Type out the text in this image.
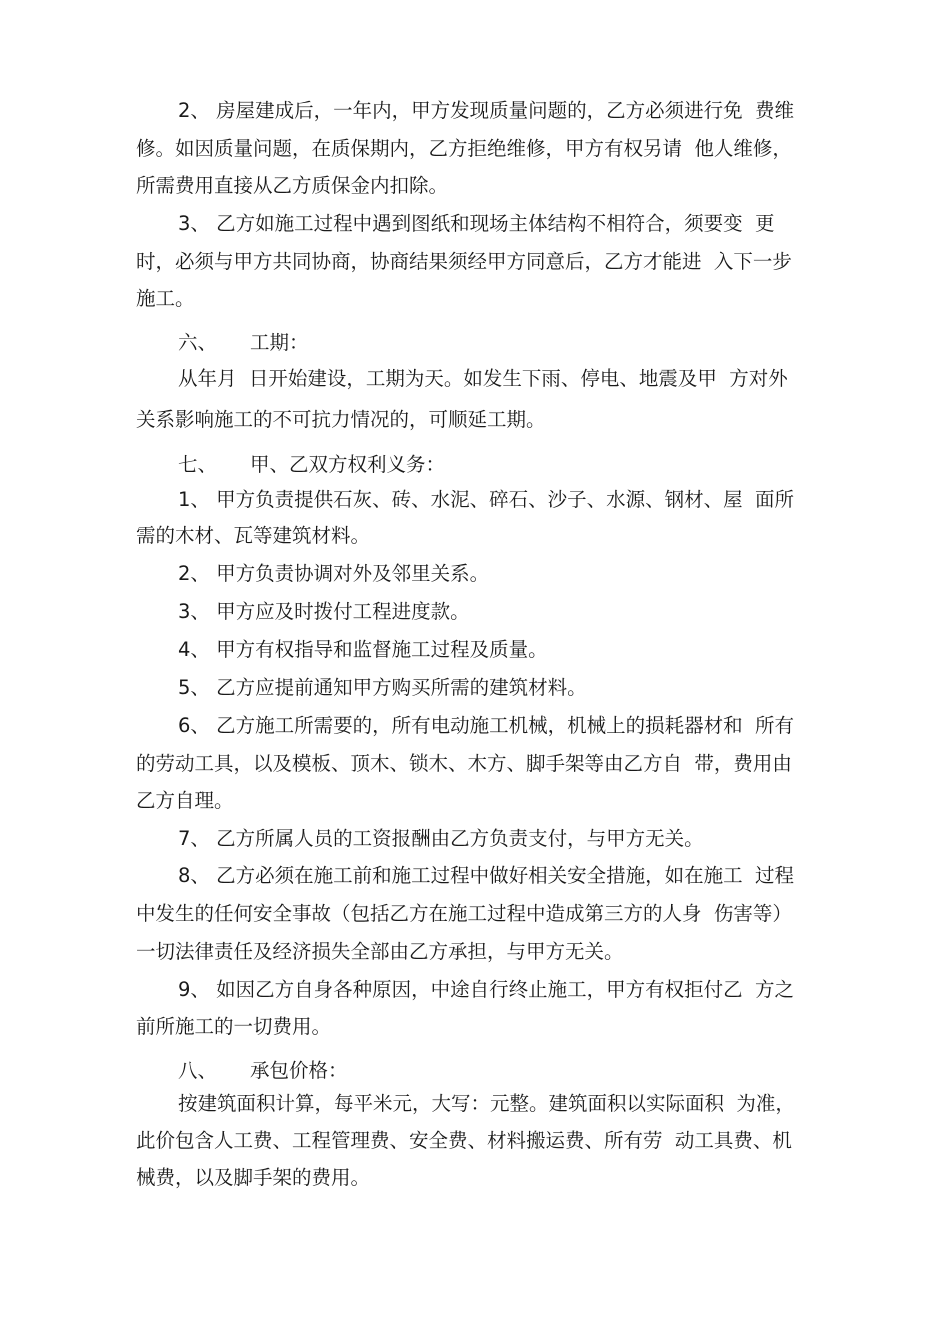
2、 房屋建成后，一年内，甲方发现质量问题的，乙方必须进行免  费维
修。如因质量问题，在质保期内，乙方拒绝维修，甲方有权另请  他人维修，
所需费用直接从乙方质保金内扣除。
3、 乙方如施工过程中遇到图纸和现场主体结构不相符合，须要变  更
时，必须与甲方共同协商，协商结果须经甲方同意后，乙方才能进  入下一步
施工。
六、 工期：
从年月  日开始建设，工期为天。如发生下雨、停电、地震及甲  方对外
关系影响施工的不可抗力情况的，可顺延工期。
七、 甲、乙双方权利义务：
1、 甲方负责提供石灰、砖、水泥、碎石、沙子、水源、钢材、屋  面所
需的木材、瓦等建筑材料。
2、 甲方负责协调对外及邻里关系。
3、 甲方应及时拨付工程进度款。
4、 甲方有权指导和监督施工过程及质量。
5、 乙方应提前通知甲方购买所需的建筑材料。
6、 乙方施工所需要的，所有电动施工机械，机械上的损耗器材和  所有
的劳动工具，以及模板、顶木、锁木、木方、脚手架等由乙方自  带，费用由
乙方自理。
7、 乙方所属人员的工资报酬由乙方负责支付，与甲方无关。
8、 乙方必须在施工前和施工过程中做好相关安全措施，如在施工  过程
中发生的任何安全事故（包括乙方在施工过程中造成第三方的人身  伤害等）
一切法律责任及经济损失全部由乙方承担，与甲方无关。
9、 如因乙方自身各种原因，中途自行终止施工，甲方有权拒付乙  方之
前所施工的一切费用。
八、 承包价格：
按建筑面积计算，每平米元，大写：元整。建筑面积以实际面积  为准，
此价包含人工费、工程管理费、安全费、材料搬运费、所有劳  动工具费、机
械费，以及脚手架的费用。
